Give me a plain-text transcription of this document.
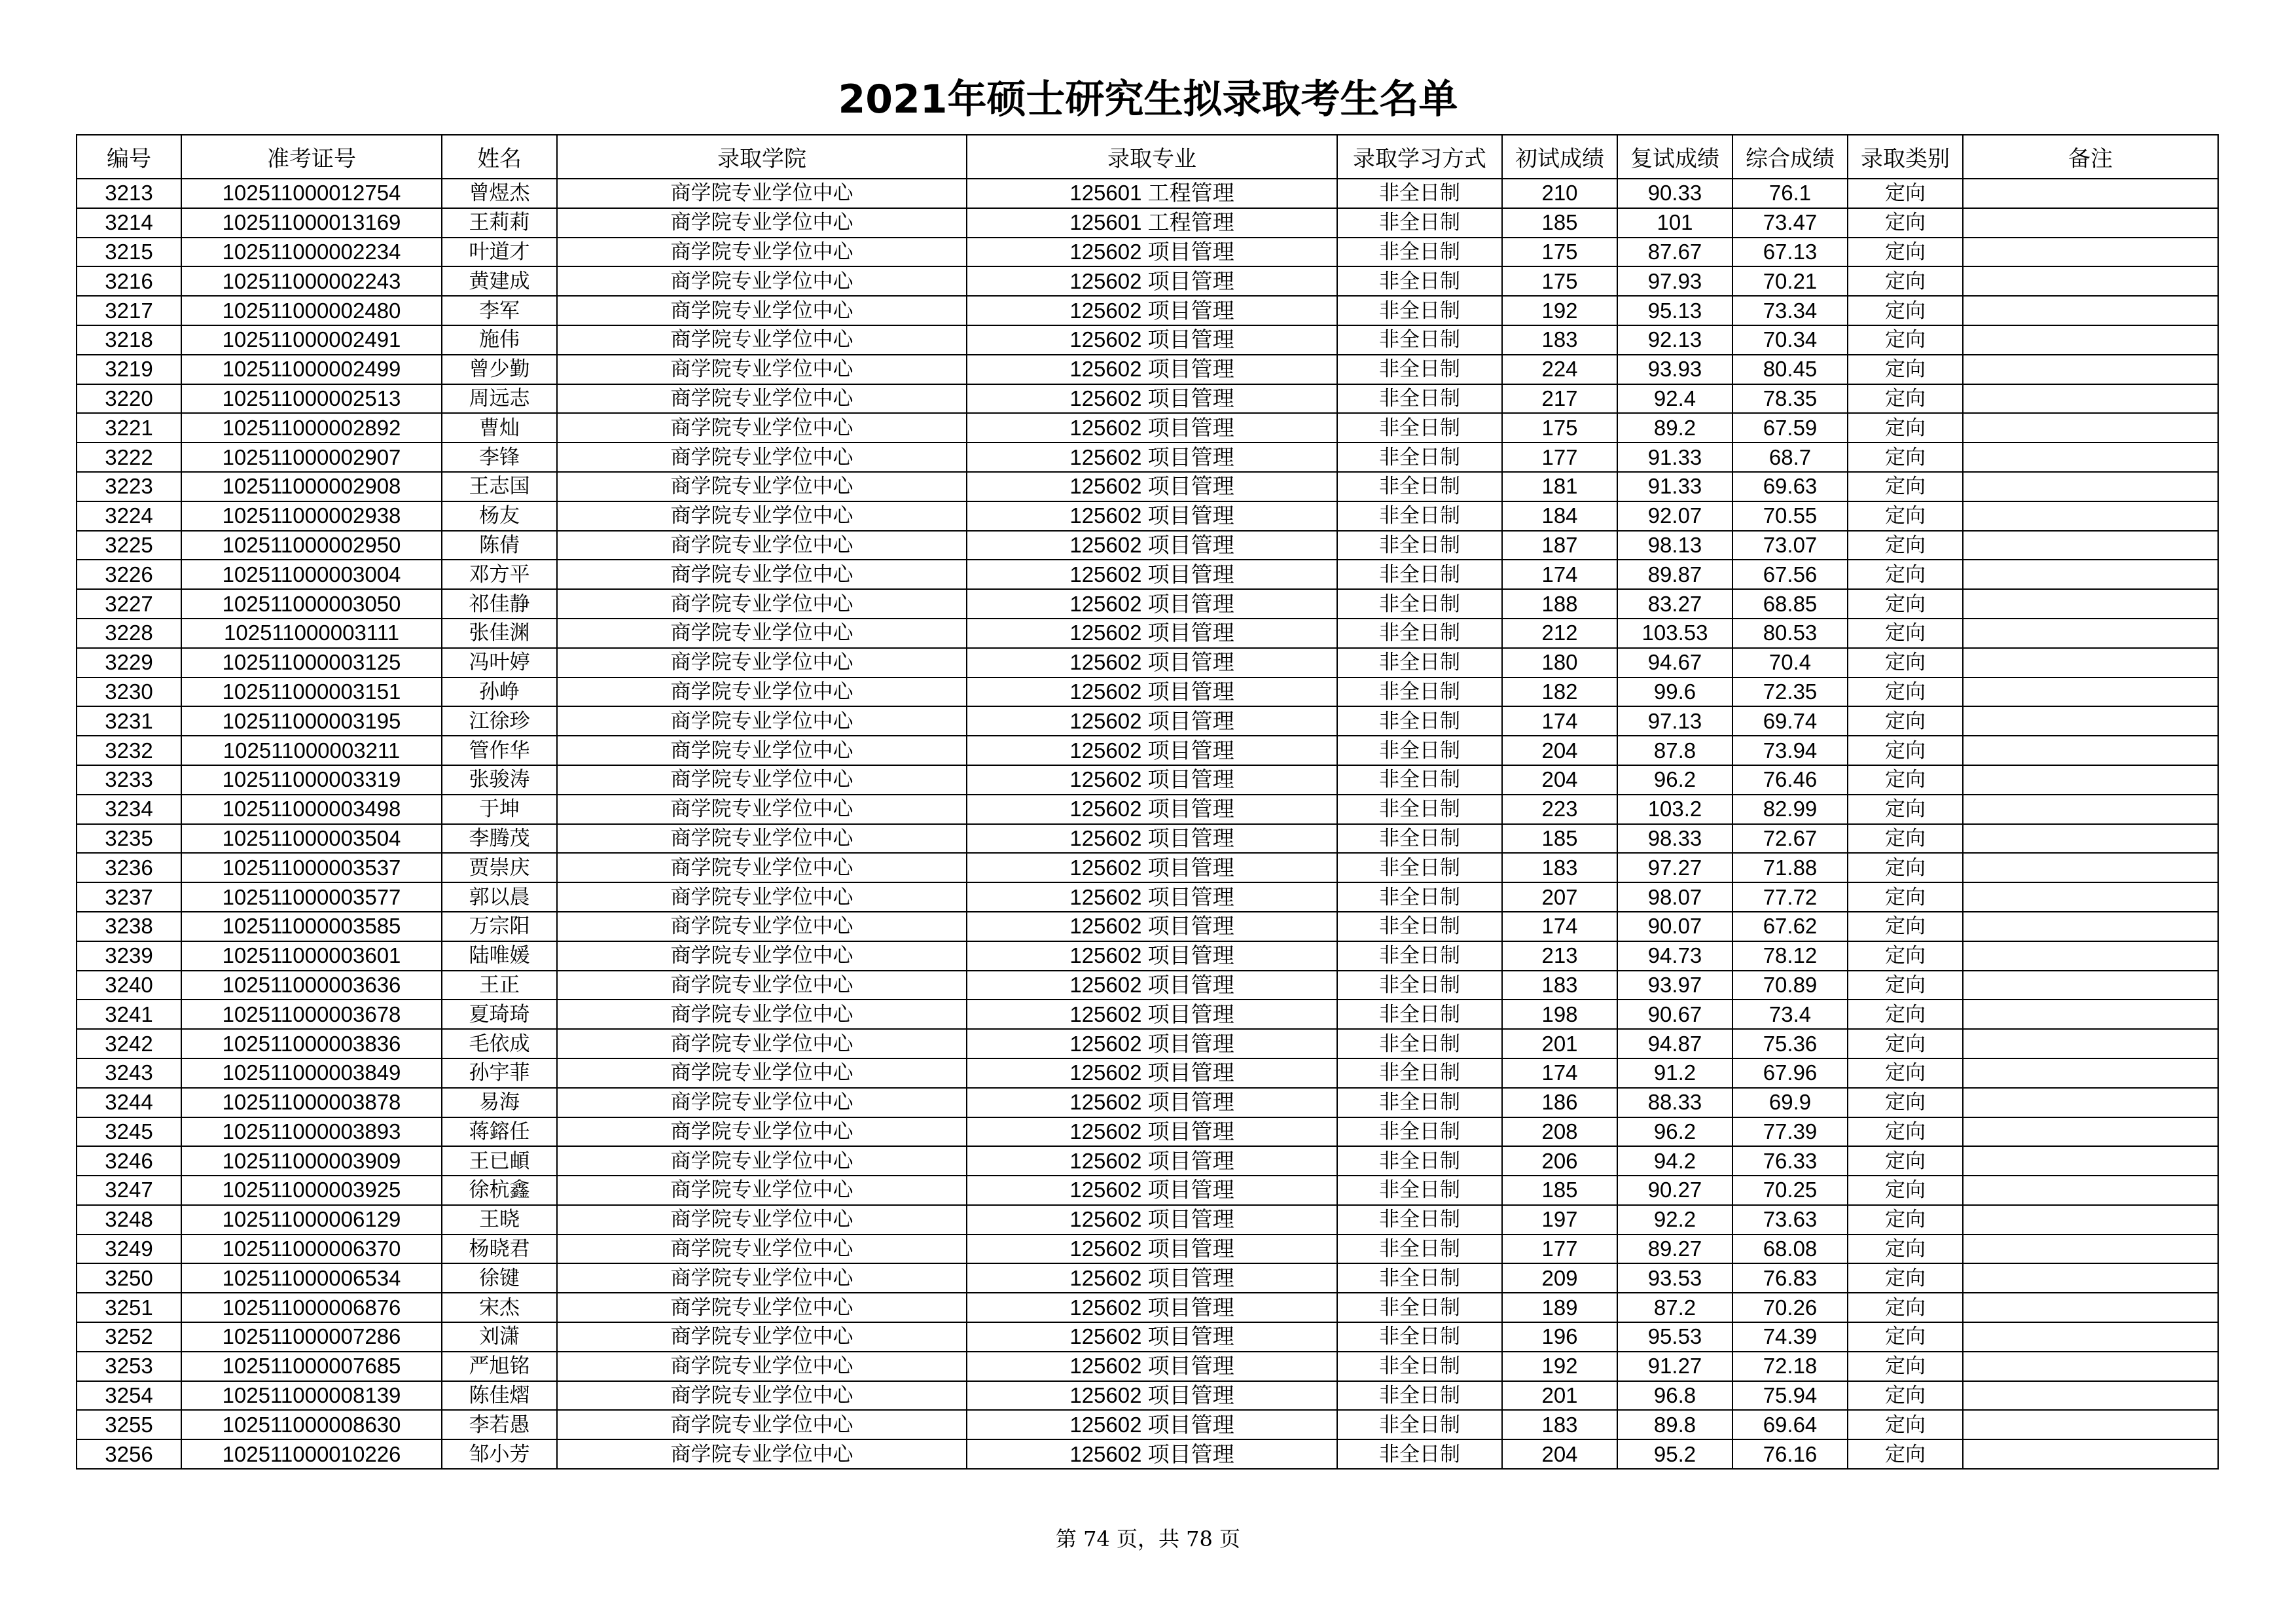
2021年硕士研究生拟录取考生名单
编号	准考证号	姓名	录取学院	录取专业	录取学习方式	初试成绩	复试成绩	综合成绩	录取类别	备注
3213	102511000012754	曾煜杰	商学院专业学位中心	125601 工程管理	非全日制	210	90.33	76.1	定向	
3214	102511000013169	王莉莉	商学院专业学位中心	125601 工程管理	非全日制	185	101	73.47	定向	
3215	102511000002234	叶道才	商学院专业学位中心	125602 项目管理	非全日制	175	87.67	67.13	定向	
3216	102511000002243	黄建成	商学院专业学位中心	125602 项目管理	非全日制	175	97.93	70.21	定向	
3217	102511000002480	李军	商学院专业学位中心	125602 项目管理	非全日制	192	95.13	73.34	定向	
3218	102511000002491	施伟	商学院专业学位中心	125602 项目管理	非全日制	183	92.13	70.34	定向	
3219	102511000002499	曾少勤	商学院专业学位中心	125602 项目管理	非全日制	224	93.93	80.45	定向	
3220	102511000002513	周远志	商学院专业学位中心	125602 项目管理	非全日制	217	92.4	78.35	定向	
3221	102511000002892	曹灿	商学院专业学位中心	125602 项目管理	非全日制	175	89.2	67.59	定向	
3222	102511000002907	李锋	商学院专业学位中心	125602 项目管理	非全日制	177	91.33	68.7	定向	
3223	102511000002908	王志国	商学院专业学位中心	125602 项目管理	非全日制	181	91.33	69.63	定向	
3224	102511000002938	杨友	商学院专业学位中心	125602 项目管理	非全日制	184	92.07	70.55	定向	
3225	102511000002950	陈倩	商学院专业学位中心	125602 项目管理	非全日制	187	98.13	73.07	定向	
3226	102511000003004	邓方平	商学院专业学位中心	125602 项目管理	非全日制	174	89.87	67.56	定向	
3227	102511000003050	祁佳静	商学院专业学位中心	125602 项目管理	非全日制	188	83.27	68.85	定向	
3228	102511000003111	张佳渊	商学院专业学位中心	125602 项目管理	非全日制	212	103.53	80.53	定向	
3229	102511000003125	冯叶婷	商学院专业学位中心	125602 项目管理	非全日制	180	94.67	70.4	定向	
3230	102511000003151	孙峥	商学院专业学位中心	125602 项目管理	非全日制	182	99.6	72.35	定向	
3231	102511000003195	江徐珍	商学院专业学位中心	125602 项目管理	非全日制	174	97.13	69.74	定向	
3232	102511000003211	管作华	商学院专业学位中心	125602 项目管理	非全日制	204	87.8	73.94	定向	
3233	102511000003319	张骏涛	商学院专业学位中心	125602 项目管理	非全日制	204	96.2	76.46	定向	
3234	102511000003498	于坤	商学院专业学位中心	125602 项目管理	非全日制	223	103.2	82.99	定向	
3235	102511000003504	李腾茂	商学院专业学位中心	125602 项目管理	非全日制	185	98.33	72.67	定向	
3236	102511000003537	贾崇庆	商学院专业学位中心	125602 项目管理	非全日制	183	97.27	71.88	定向	
3237	102511000003577	郭以晨	商学院专业学位中心	125602 项目管理	非全日制	207	98.07	77.72	定向	
3238	102511000003585	万宗阳	商学院专业学位中心	125602 项目管理	非全日制	174	90.07	67.62	定向	
3239	102511000003601	陆唯媛	商学院专业学位中心	125602 项目管理	非全日制	213	94.73	78.12	定向	
3240	102511000003636	王正	商学院专业学位中心	125602 项目管理	非全日制	183	93.97	70.89	定向	
3241	102511000003678	夏琦琦	商学院专业学位中心	125602 项目管理	非全日制	198	90.67	73.4	定向	
3242	102511000003836	毛依成	商学院专业学位中心	125602 项目管理	非全日制	201	94.87	75.36	定向	
3243	102511000003849	孙宇菲	商学院专业学位中心	125602 项目管理	非全日制	174	91.2	67.96	定向	
3244	102511000003878	易海	商学院专业学位中心	125602 项目管理	非全日制	186	88.33	69.9	定向	
3245	102511000003893	蒋鎔任	商学院专业学位中心	125602 项目管理	非全日制	208	96.2	77.39	定向	
3246	102511000003909	王已頔	商学院专业学位中心	125602 项目管理	非全日制	206	94.2	76.33	定向	
3247	102511000003925	徐杭鑫	商学院专业学位中心	125602 项目管理	非全日制	185	90.27	70.25	定向	
3248	102511000006129	王晓	商学院专业学位中心	125602 项目管理	非全日制	197	92.2	73.63	定向	
3249	102511000006370	杨晓君	商学院专业学位中心	125602 项目管理	非全日制	177	89.27	68.08	定向	
3250	102511000006534	徐键	商学院专业学位中心	125602 项目管理	非全日制	209	93.53	76.83	定向	
3251	102511000006876	宋杰	商学院专业学位中心	125602 项目管理	非全日制	189	87.2	70.26	定向	
3252	102511000007286	刘潇	商学院专业学位中心	125602 项目管理	非全日制	196	95.53	74.39	定向	
3253	102511000007685	严旭铭	商学院专业学位中心	125602 项目管理	非全日制	192	91.27	72.18	定向	
3254	102511000008139	陈佳熠	商学院专业学位中心	125602 项目管理	非全日制	201	96.8	75.94	定向	
3255	102511000008630	李若愚	商学院专业学位中心	125602 项目管理	非全日制	183	89.8	69.64	定向	
3256	102511000010226	邹小芳	商学院专业学位中心	125602 项目管理	非全日制	204	95.2	76.16	定向	
第 74 页，共 78 页
